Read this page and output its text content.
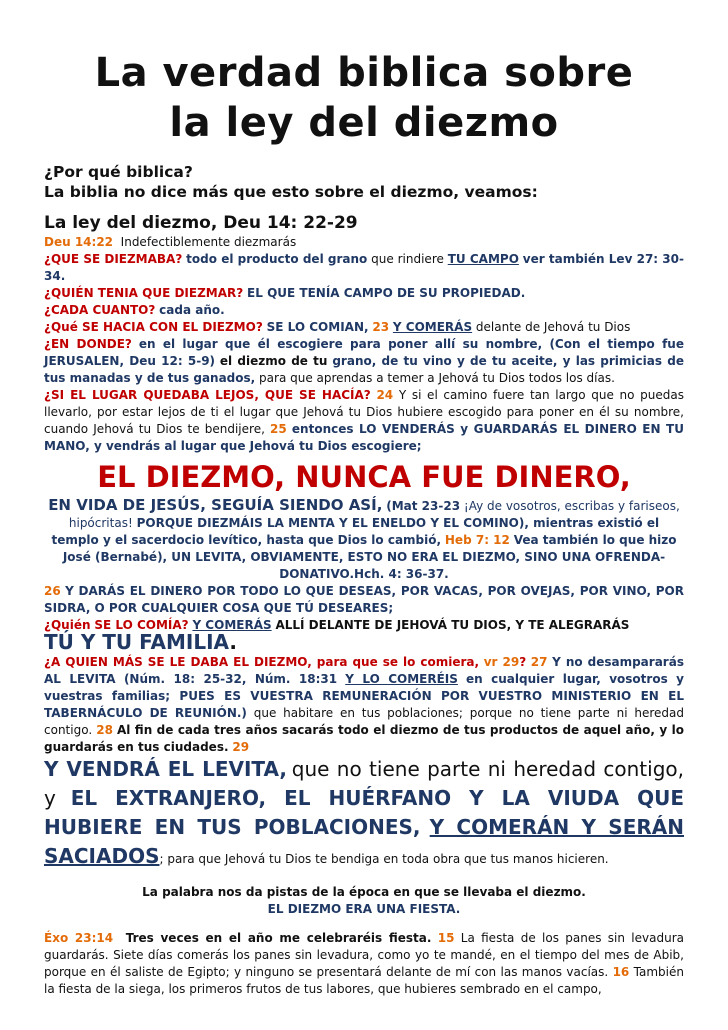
La verdad biblica sobre
la ley del diezmo
¿Por qué biblica?
La biblia no dice más que esto sobre el diezmo, veamos:
La ley del diezmo, Deu 14: 22-29

Deu 14:22 Indefectiblemente diezmarás
¿QUE SE DIEZMABA? todo el producto del grano que rindiere TU CAMPO ver también Lev 27: 30-34.
¿QUIÉN TENIA QUE DIEZMAR? EL QUE TENÍA CAMPO DE SU PROPIEDAD.
¿CADA CUANTO? cada año.
¿Qué SE HACIA CON EL DIEZMO? SE LO COMIAN, 23 Y COMERÁS delante de Jehová tu Dios
¿EN DONDE? en el lugar que él escogiere para poner allí su nombre, (Con el tiempo fue JERUSALEN, Deu 12: 5-9) el diezmo de tu grano, de tu vino y de tu aceite, y las primicias de tus manadas y de tus ganados, para que aprendas a temer a Jehová tu Dios todos los días.
¿SI EL LUGAR QUEDABA LEJOS, QUE SE HACÍA? 24 Y si el camino fuere tan largo que no puedas llevarlo, por estar lejos de ti el lugar que Jehová tu Dios hubiere escogido para poner en él su nombre, cuando Jehová tu Dios te bendijere, 25 entonces LO VENDERÁS y GUARDARÁS EL DINERO EN TU MANO, y vendrás al lugar que Jehová tu Dios escogiere;

EL DIEZMO, NUNCA FUE DINERO,

EN VIDA DE JESÚS, SEGUÍA SIENDO ASÍ, (Mat 23-23 ¡Ay de vosotros, escribas y fariseos, hipócritas! PORQUE DIEZMÁIS LA MENTA Y EL ENELDO Y EL COMINO), mientras existió el templo y el sacerdocio levítico, hasta que Dios lo cambió, Heb 7: 12 Vea también lo que hizo José (Bernabé), UN LEVITA, OBVIAMENTE, ESTO NO ERA EL DIEZMO, SINO UNA OFRENDA-DONATIVO.Hch. 4: 36-37.

26 Y DARÁS EL DINERO POR TODO LO QUE DESEAS, POR VACAS, POR OVEJAS, POR VINO, POR SIDRA, O POR CUALQUIER COSA QUE TÚ DESEARES;
¿Quién SE LO COMÍA? Y COMERÁS ALLÍ DELANTE DE JEHOVÁ TU DIOS, Y TE ALEGRARÁS
TÚ Y TU FAMILIA.
¿A QUIEN MÁS SE LE DABA EL DIEZMO, para que se lo comiera, vr 29? 27 Y no desampararás AL LEVITA (Núm. 18: 25-32, Núm. 18:31 Y LO COMERÉIS en cualquier lugar, vosotros y vuestras familias; PUES ES VUESTRA REMUNERACIÓN POR VUESTRO MINISTERIO EN EL TABERNÁCULO DE REUNIÓN.) que habitare en tus poblaciones; porque no tiene parte ni heredad contigo. 28 Al fin de cada tres años sacarás todo el diezmo de tus productos de aquel año, y lo guardarás en tus ciudades. 29

Y VENDRÁ EL LEVITA, que no tiene parte ni heredad contigo, y EL EXTRANJERO, EL HUÉRFANO Y LA VIUDA QUE HUBIERE EN TUS POBLACIONES, Y COMERÁN Y SERÁN SACIADOS; para que Jehová tu Dios te bendiga en toda obra que tus manos hicieren.

La palabra nos da pistas de la época en que se llevaba el diezmo.

EL DIEZMO ERA UNA FIESTA.

Éxo 23:14 Tres veces en el año me celebraréis fiesta. 15 La fiesta de los panes sin levadura guardarás. Siete días comerás los panes sin levadura, como yo te mandé, en el tiempo del mes de Abib, porque en él saliste de Egipto; y ninguno se presentará delante de mí con las manos vacías. 16 También la fiesta de la siega, los primeros frutos de tus labores, que hubieres sembrado en el campo,
